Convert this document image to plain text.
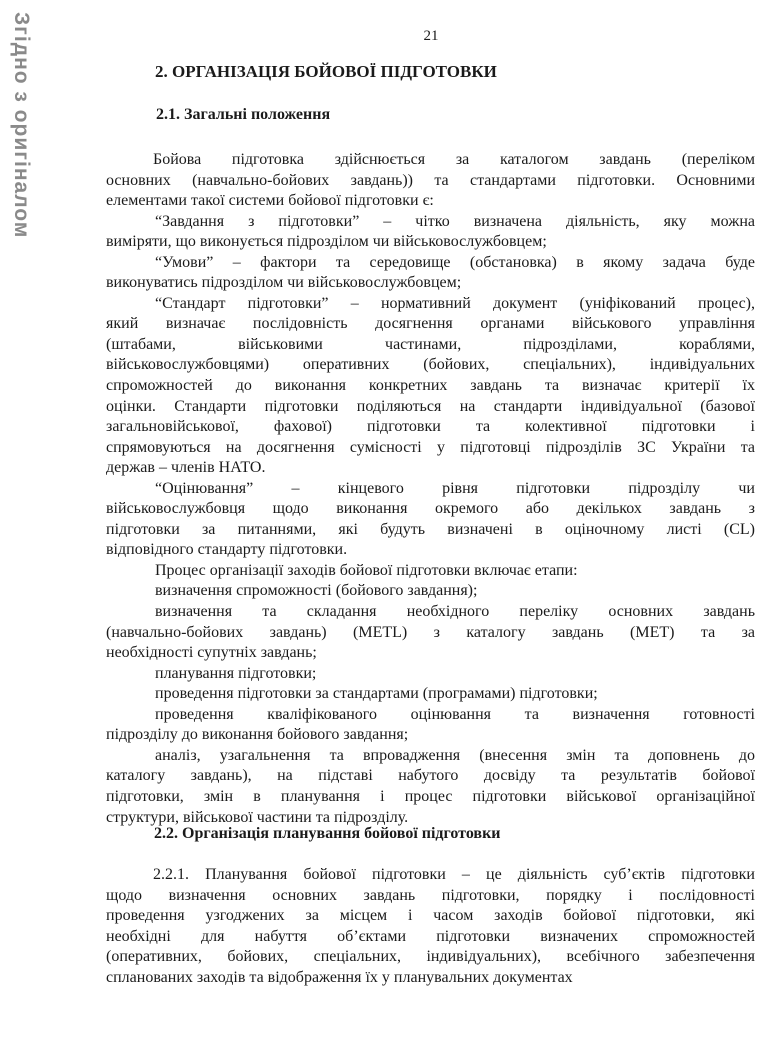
Згідно з оригіналом	21
2. ОРГАНІЗАЦІЯ БОЙОВОЇ ПІДГОТОВКИ
2.1. Загальні положення
Бойова підготовка здійснюється за каталогом завдань (переліком
основних (навчально-бойових завдань)) та стандартами підготовки. Основними
елементами такої системи бойової підготовки є:
“Завдання з підготовки” – чітко визначена діяльність, яку можна
виміряти, що виконується підрозділом чи військовослужбовцем;
“Умови” – фактори та середовище (обстановка) в якому задача буде
виконуватись підрозділом чи військовослужбовцем;
“Стандарт підготовки” – нормативний документ (уніфікований процес),
який визначає послідовність досягнення органами військового управління
(штабами, військовими частинами, підрозділами, кораблями,
військовослужбовцями) оперативних (бойових, спеціальних), індивідуальних
спроможностей до виконання конкретних завдань та визначає критерії їх
оцінки. Стандарти підготовки поділяються на стандарти індивідуальної (базової
загальновійськової, фахової) підготовки та колективної підготовки і
спрямовуються на досягнення сумісності у підготовці підрозділів ЗС України та
держав – членів НАТО.
“Оцінювання” – кінцевого рівня підготовки підрозділу чи
військовослужбовця щодо виконання окремого або декількох завдань з
підготовки за питаннями, які будуть визначені в оціночному листі (CL)
відповідного стандарту підготовки.
Процес організації заходів бойової підготовки включає етапи:
визначення спроможності (бойового завдання);
визначення та складання необхідного переліку основних завдань
(навчально-бойових завдань) (METL) з каталогу завдань (MET) та за
необхідності супутніх завдань;
планування підготовки;
проведення підготовки за стандартами (програмами) підготовки;
проведення кваліфікованого оцінювання та визначення готовності
підрозділу до виконання бойового завдання;
аналіз, узагальнення та впровадження (внесення змін та доповнень до
каталогу завдань), на підставі набутого досвіду та результатів бойової
підготовки, змін в планування і процес підготовки військової організаційної
структури, військової частини та підрозділу.
2.2. Організація планування бойової підготовки
2.2.1. Планування бойової підготовки – це діяльність суб’єктів підготовки
щодо визначення основних завдань підготовки, порядку і послідовності
проведення узгоджених за місцем і часом заходів бойової підготовки, які
необхідні для набуття об’єктами підготовки визначених спроможностей
(оперативних, бойових, спеціальних, індивідуальних), всебічного забезпечення
спланованих заходів та відображення їх у планувальних документах
